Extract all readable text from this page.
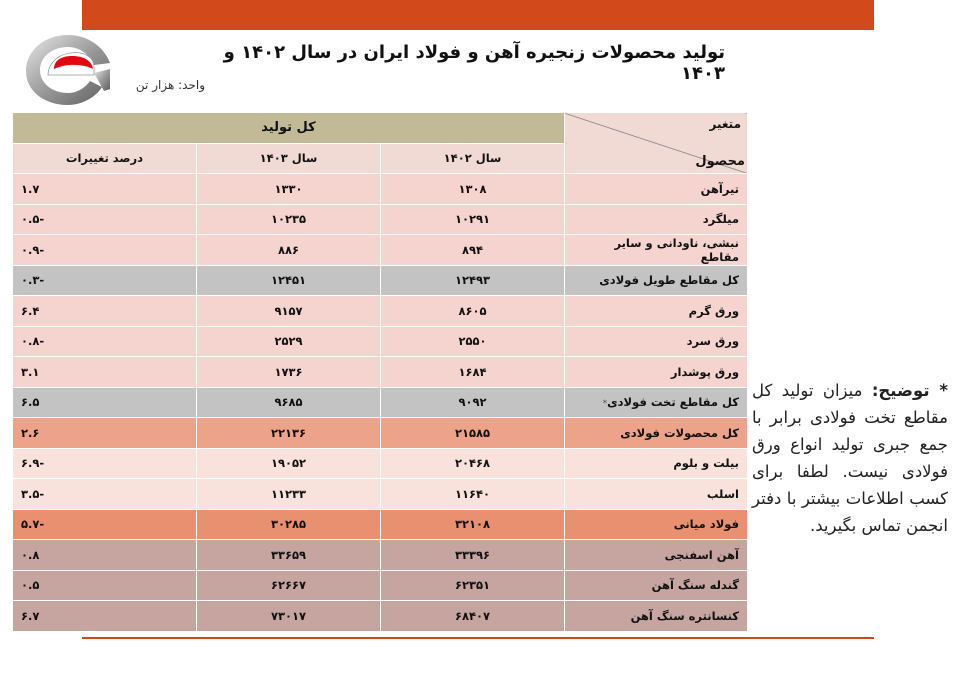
تولید محصولات زنجیره آهن و فولاد ایران در سال ۱۴۰۲ و ۱۴۰۳
واحد: هزار تن
متغیر
محصول	کل تولید		
	سال ۱۴۰۲	سال ۱۴۰۳	درصد تغییرات
تیرآهن	۱۳۰۸	۱۳۳۰	۱.۷
میلگرد	۱۰۲۹۱	۱۰۲۳۵	-۰.۵
نبشی، ناودانی و سایر مقاطع	۸۹۴	۸۸۶	-۰.۹
کل مقاطع طویل فولادی	۱۲۴۹۳	۱۲۴۵۱	-۰.۳
ورق گرم	۸۶۰۵	۹۱۵۷	۶.۴
ورق سرد	۲۵۵۰	۲۵۲۹	-۰.۸
ورق پوشدار	۱۶۸۴	۱۷۳۶	۳.۱
کل مقاطع تخت فولادی*	۹۰۹۲	۹۶۸۵	۶.۵
کل محصولات فولادی	۲۱۵۸۵	۲۲۱۳۶	۲.۶
بیلت و بلوم	۲۰۴۶۸	۱۹۰۵۲	-۶.۹
اسلب	۱۱۶۴۰	۱۱۲۳۳	-۳.۵
فولاد میانی	۳۲۱۰۸	۳۰۲۸۵	-۵.۷
آهن اسفنجی	۳۳۳۹۶	۳۳۶۵۹	۰.۸
گندله سنگ آهن	۶۲۳۵۱	۶۲۶۶۷	۰.۵
کنسانتره سنگ آهن	۶۸۴۰۷	۷۳۰۱۷	۶.۷
* توضیح: میزان تولید کل مقاطع تخت فولادی برابر با جمع جبری تولید انواع ورق فولادی نیست. لطفا برای کسب اطلاعات بیشتر با دفتر انجمن تماس بگیرید.
